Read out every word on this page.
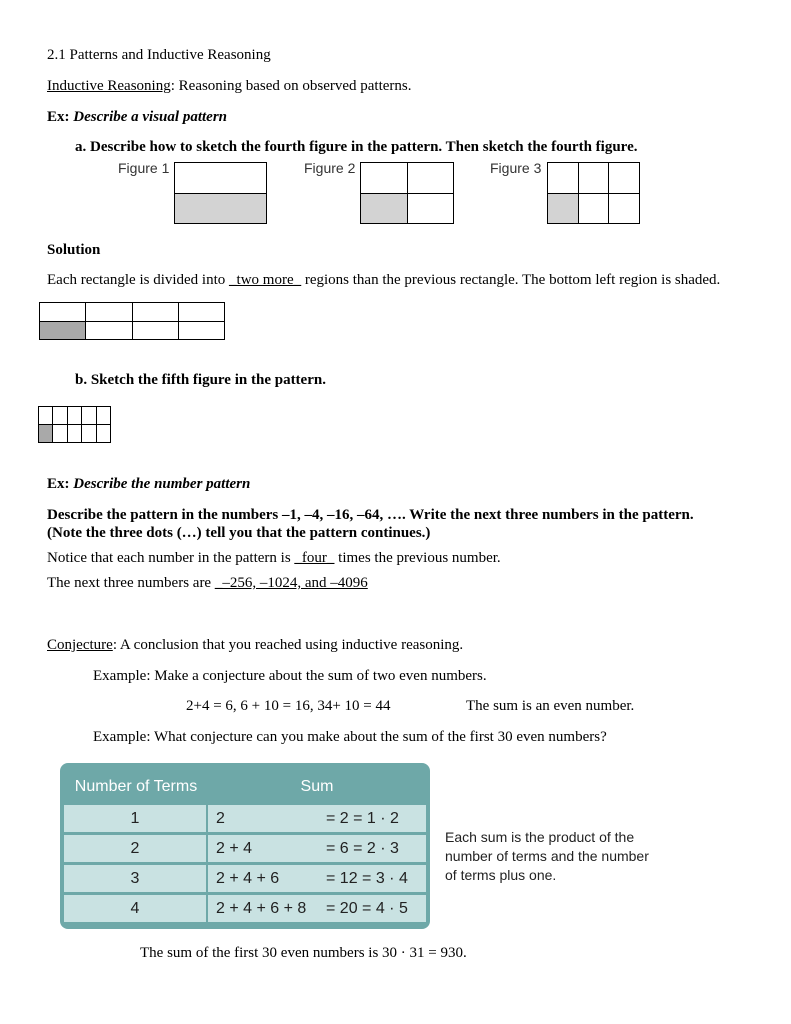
2.1 Patterns and Inductive Reasoning
Inductive Reasoning: Reasoning based on observed patterns.
Ex: Describe a visual pattern
a. Describe how to sketch the fourth figure in the pattern. Then sketch the fourth figure.
Figure 1	Figure 2	Figure 3

Solution
Each rectangle is divided into _two more_ regions than the previous rectangle. The bottom left region is shaded.

b. Sketch the fifth figure in the pattern.

Ex: Describe the number pattern
Describe the pattern in the numbers –1, –4, –16, –64, …. Write the next three numbers in the pattern.
(Note the three dots (…) tell you that the pattern continues.)
Notice that each number in the pattern is _four_ times the previous number.
The next three numbers are _–256, –1024, and –4096
Conjecture: A conclusion that you reached using inductive reasoning.
Example: Make a conjecture about the sum of two even numbers.
2+4 = 6, 6 + 10 = 16, 34+ 10 = 44	The sum is an even number.
Example: What conjecture can you make about the sum of the first 30 even numbers?
Number of Terms	Sum
1	2 = 2 = 1 · 2
2	2 + 4 = 6 = 2 · 3
3	2 + 4 + 6 = 12 = 3 · 4
4	2 + 4 + 6 + 8 = 20 = 4 · 5
Each sum is the product of the
number of terms and the number
of terms plus one.
The sum of the first 30 even numbers is 30 · 31 = 930.
